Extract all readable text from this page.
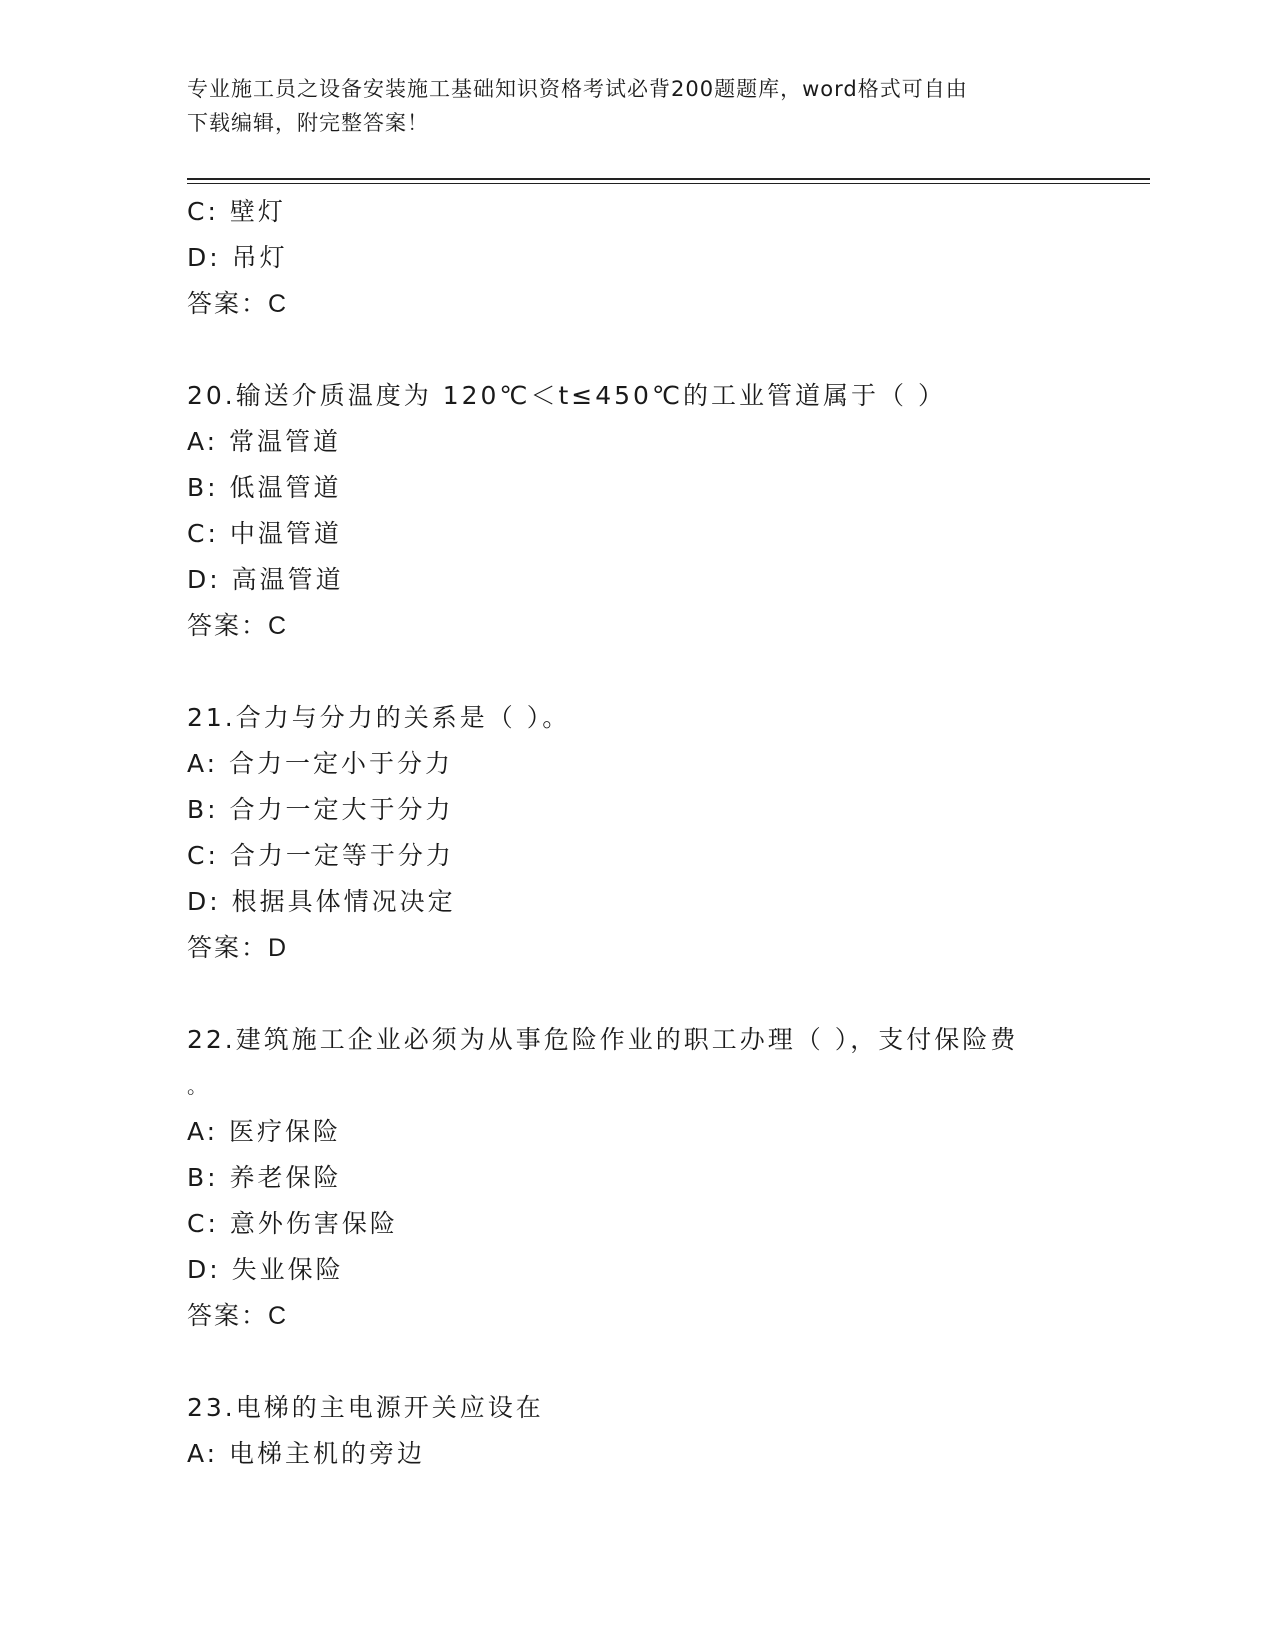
专业施工员之设备安装施工基础知识资格考试必背200题题库，word格式可自由
下载编辑，附完整答案！
C: 壁灯
D: 吊灯
答案：C
20.输送介质温度为 120℃＜t≤450℃的工业管道属于（ ）
A: 常温管道
B: 低温管道
C: 中温管道
D: 高温管道
答案：C
21.合力与分力的关系是（ ）。
A: 合力一定小于分力
B: 合力一定大于分力
C: 合力一定等于分力
D: 根据具体情况决定
答案：D
22.建筑施工企业必须为从事危险作业的职工办理（ ），支付保险费
。
A: 医疗保险
B: 养老保险
C: 意外伤害保险
D: 失业保险
答案：C
23.电梯的主电源开关应设在
A: 电梯主机的旁边
